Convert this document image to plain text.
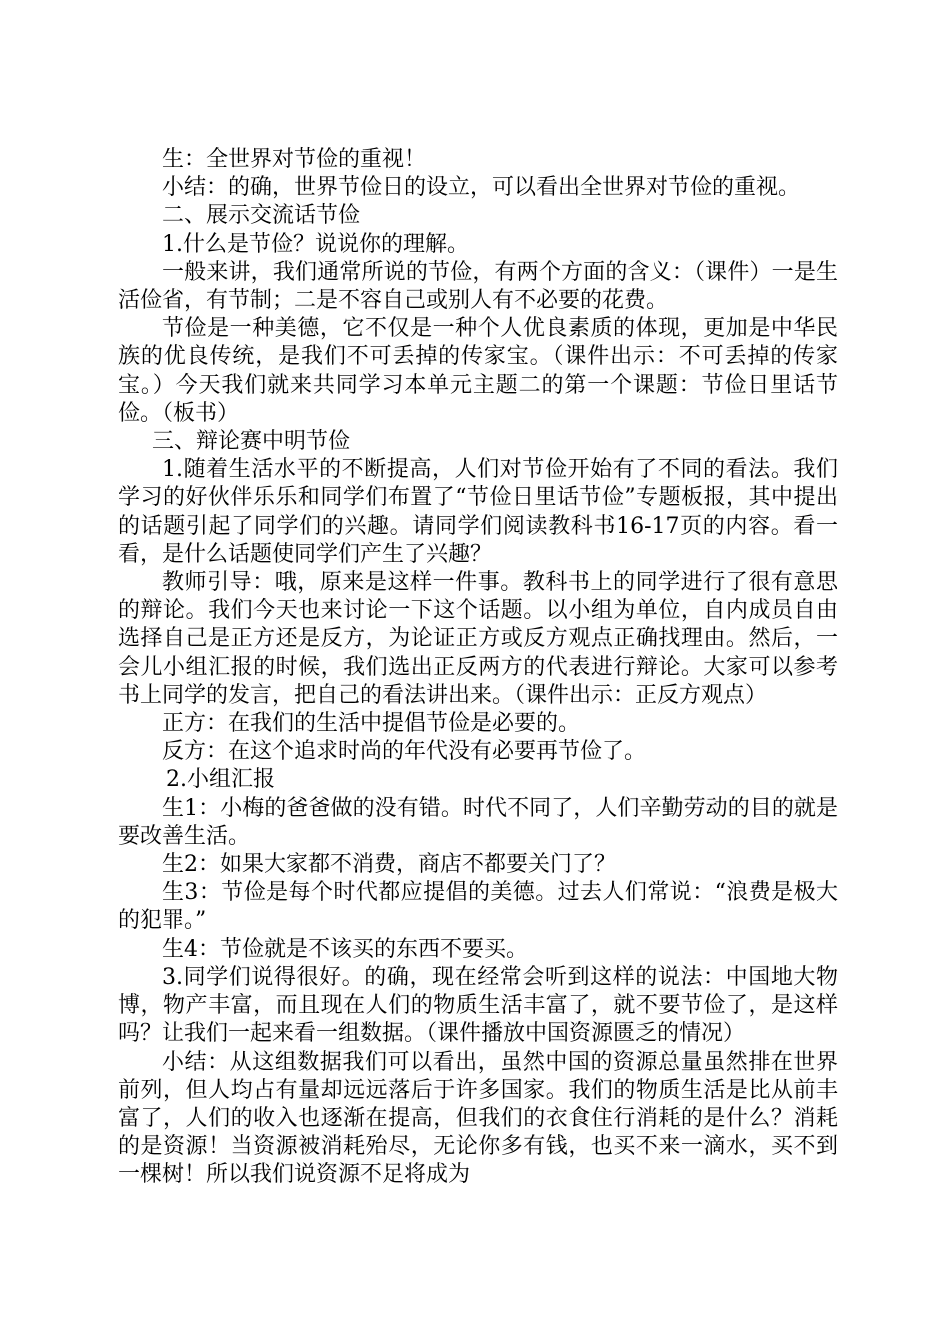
生：全世界对节俭的重视！

小结：的确，世界节俭日的设立，可以看出全世界对节俭的重视。

二、展示交流话节俭

1.什么是节俭？说说你的理解。

一般来讲，我们通常所说的节俭，有两个方面的含义：（课件）一是生活俭省，有节制；二是不容自己或别人有不必要的花费。

节俭是一种美德，它不仅是一种个人优良素质的体现，更加是中华民族的优良传统，是我们不可丢掉的传家宝。（课件出示：不可丢掉的传家宝。）今天我们就来共同学习本单元主题二的第一个课题：节俭日里话节俭。（板书）

三、辩论赛中明节俭

1.随着生活水平的不断提高，人们对节俭开始有了不同的看法。我们学习的好伙伴乐乐和同学们布置了“节俭日里话节俭”专题板报，其中提出的话题引起了同学们的兴趣。请同学们阅读教科书16-17页的内容。看一看，是什么话题使同学们产生了兴趣？

教师引导：哦，原来是这样一件事。教科书上的同学进行了很有意思的辩论。我们今天也来讨论一下这个话题。以小组为单位，自内成员自由选择自己是正方还是反方，为论证正方或反方观点正确找理由。然后，一会儿小组汇报的时候，我们选出正反两方的代表进行辩论。大家可以参考书上同学的发言，把自己的看法讲出来。（课件出示：正反方观点）

正方：在我们的生活中提倡节俭是必要的。

反方：在这个追求时尚的年代没有必要再节俭了。

2.小组汇报

生1：小梅的爸爸做的没有错。时代不同了，人们辛勤劳动的目的就是要改善生活。

生2：如果大家都不消费，商店不都要关门了？

生3：节俭是每个时代都应提倡的美德。过去人们常说：“浪费是极大的犯罪。”

生4：节俭就是不该买的东西不要买。

3.同学们说得很好。的确，现在经常会听到这样的说法：中国地大物博，物产丰富，而且现在人们的物质生活丰富了，就不要节俭了，是这样吗？让我们一起来看一组数据。（课件播放中国资源匮乏的情况）

小结：从这组数据我们可以看出，虽然中国的资源总量虽然排在世界前列，但人均占有量却远远落后于许多国家。我们的物质生活是比从前丰富了，人们的收入也逐渐在提高，但我们的衣食住行消耗的是什么？消耗的是资源！当资源被消耗殆尽，无论你多有钱，也买不来一滴水，买不到一棵树！所以我们说资源不足将成为
